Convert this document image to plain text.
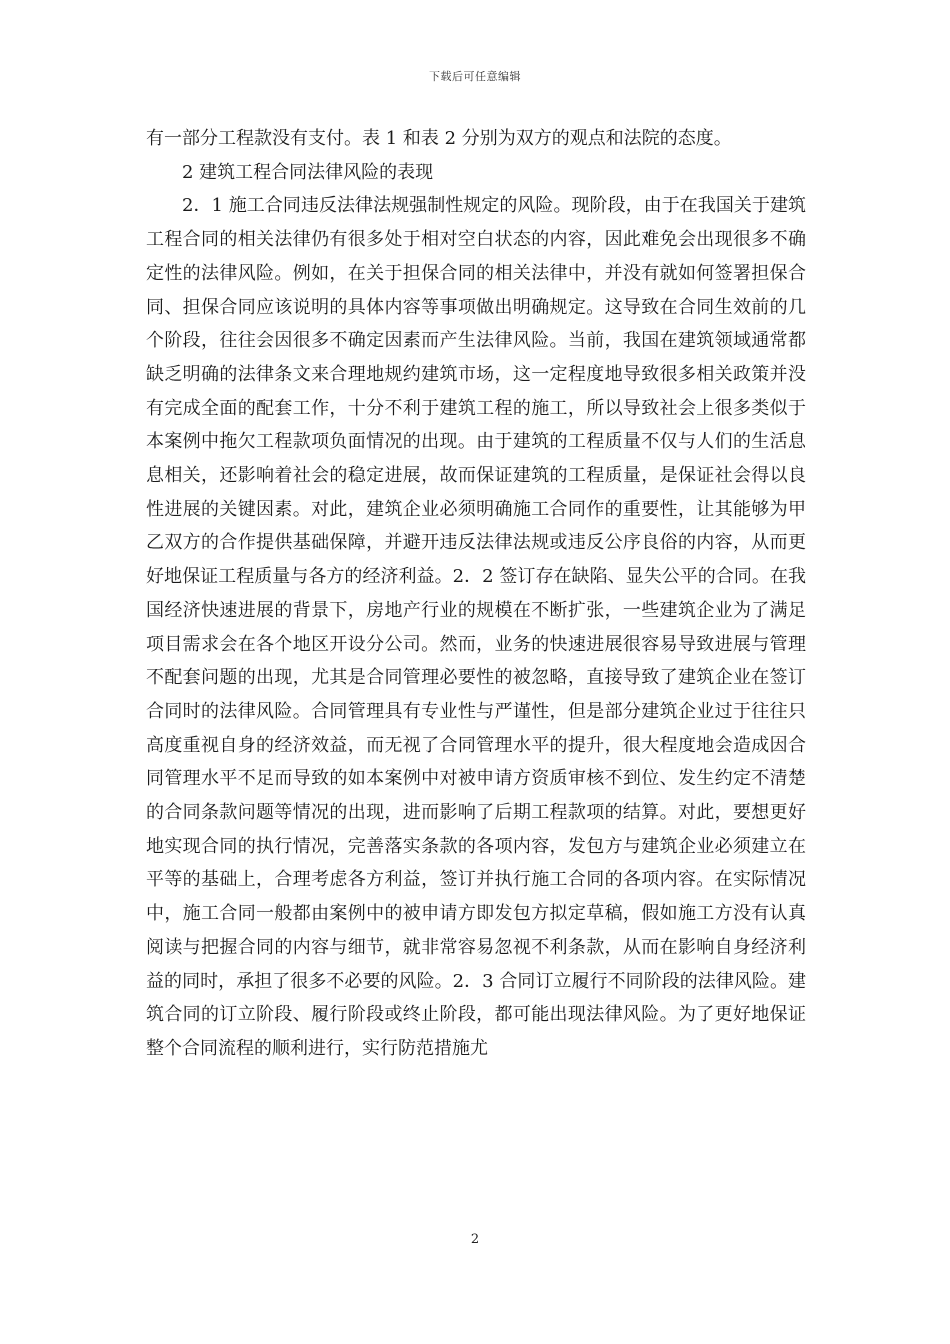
下载后可任意编辑

有一部分工程款没有支付。表 1 和表 2 分别为双方的观点和法院的态度。

2 建筑工程合同法律风险的表现

2．1 施工合同违反法律法规强制性规定的风险。现阶段，由于在我国关于建筑工程合同的相关法律仍有很多处于相对空白状态的内容，因此难免会出现很多不确定性的法律风险。例如，在关于担保合同的相关法律中，并没有就如何签署担保合同、担保合同应该说明的具体内容等事项做出明确规定。这导致在合同生效前的几个阶段，往往会因很多不确定因素而产生法律风险。当前，我国在建筑领域通常都缺乏明确的法律条文来合理地规约建筑市场，这一定程度地导致很多相关政策并没有完成全面的配套工作，十分不利于建筑工程的施工，所以导致社会上很多类似于本案例中拖欠工程款项负面情况的出现。由于建筑的工程质量不仅与人们的生活息息相关，还影响着社会的稳定进展，故而保证建筑的工程质量，是保证社会得以良性进展的关键因素。对此，建筑企业必须明确施工合同作的重要性，让其能够为甲乙双方的合作提供基础保障，并避开违反法律法规或违反公序良俗的内容，从而更好地保证工程质量与各方的经济利益。2．2 签订存在缺陷、显失公平的合同。在我国经济快速进展的背景下，房地产行业的规模在不断扩张，一些建筑企业为了满足项目需求会在各个地区开设分公司。然而，业务的快速进展很容易导致进展与管理不配套问题的出现，尤其是合同管理必要性的被忽略，直接导致了建筑企业在签订合同时的法律风险。合同管理具有专业性与严谨性，但是部分建筑企业过于往往只高度重视自身的经济效益，而无视了合同管理水平的提升，很大程度地会造成因合同管理水平不足而导致的如本案例中对被申请方资质审核不到位、发生约定不清楚的合同条款问题等情况的出现，进而影响了后期工程款项的结算。对此，要想更好地实现合同的执行情况，完善落实条款的各项内容，发包方与建筑企业必须建立在平等的基础上，合理考虑各方利益，签订并执行施工合同的各项内容。在实际情况中，施工合同一般都由案例中的被申请方即发包方拟定草稿，假如施工方没有认真阅读与把握合同的内容与细节，就非常容易忽视不利条款，从而在影响自身经济利益的同时，承担了很多不必要的风险。2．3 合同订立履行不同阶段的法律风险。建筑合同的订立阶段、履行阶段或终止阶段，都可能出现法律风险。为了更好地保证整个合同流程的顺利进行，实行防范措施尤

2
